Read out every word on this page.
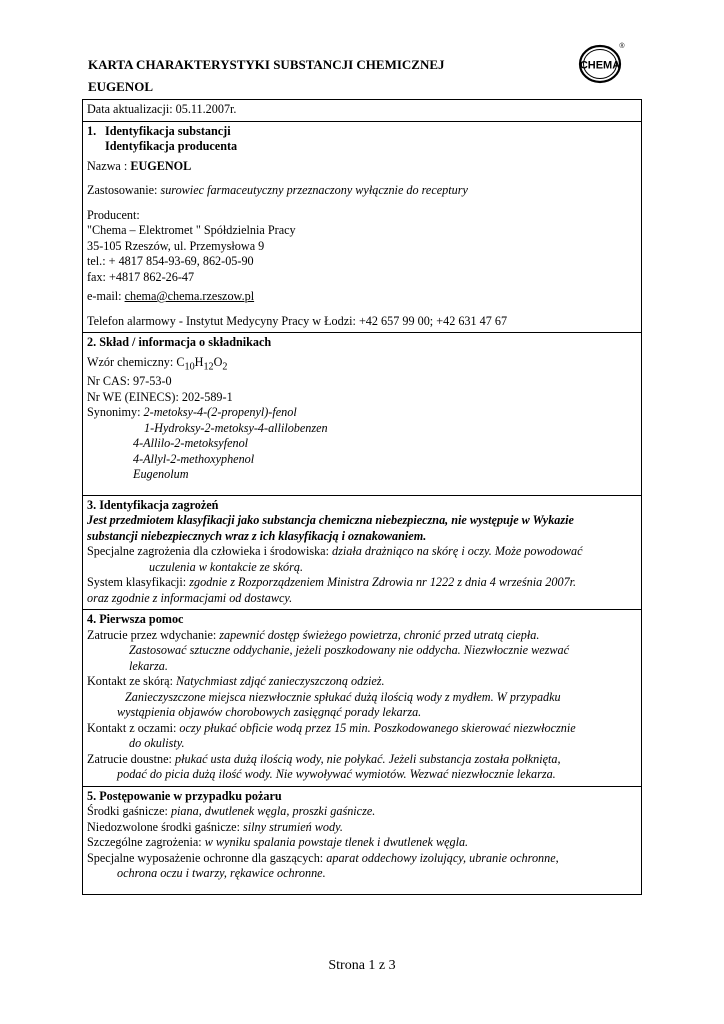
KARTA CHARAKTERYSTYKI SUBSTANCJI CHEMICZNEJ
EUGENOL
CHEMA
®
Data aktualizacji: 05.11.2007r.

1. Identyfikacja substancji
Identyfikacja producenta
Nazwa : EUGENOL
Zastosowanie: surowiec farmaceutyczny przeznaczony wyłącznie do receptury
Producent:
"Chema – Elektromet " Spółdzielnia Pracy
35-105 Rzeszów, ul. Przemysłowa 9
tel.: + 4817 854-93-69, 862-05-90
fax: +4817 862-26-47
e-mail: chema@chema.rzeszow.pl
Telefon alarmowy - Instytut Medycyny Pracy w Łodzi: +42 657 99 00; +42 631 47 67

2. Skład / informacja o składnikach
Wzór chemiczny: $C_{10}H_{12}O_2$
Nr CAS: 97-53-0
Nr WE (EINECS): 202-589-1
Synonimy: 2-metoksy-4-(2-propenyl)-fenol
1-Hydroksy-2-metoksy-4-allilobenzen
4-Allilo-2-metoksyfenol
4-Allyl-2-methoxyphenol
Eugenolum

3. Identyfikacja zagrożeń
Jest przedmiotem klasyfikacji jako substancja chemiczna niebezpieczna, nie występuje w Wykazie
substancji niebezpiecznych wraz z ich klasyfikacją i oznakowaniem.
Specjalne zagrożenia dla człowieka i środowiska: działa drażniąco na skórę i oczy. Może powodować
uczulenia w kontakcie ze skórą.
System klasyfikacji: zgodnie z Rozporządzeniem Ministra Zdrowia nr 1222 z dnia 4 września 2007r.
oraz zgodnie z informacjami od dostawcy.

4. Pierwsza pomoc
Zatrucie przez wdychanie: zapewnić dostęp świeżego powietrza, chronić przed utratą ciepła.
Zastosować sztuczne oddychanie, jeżeli poszkodowany nie oddycha. Niezwłocznie wezwać
lekarza.
Kontakt ze skórą: Natychmiast zdjąć zanieczyszczoną odzież.
Zanieczyszczone miejsca niezwłocznie spłukać dużą ilością wody z mydłem. W przypadku
wystąpienia objawów chorobowych zasięgnąć porady lekarza.
Kontakt z oczami: oczy płukać obficie wodą przez 15 min. Poszkodowanego skierować niezwłocznie
do okulisty.
Zatrucie doustne: płukać usta dużą ilością wody, nie połykać. Jeżeli substancja została połknięta,
podać do picia dużą ilość wody. Nie wywoływać wymiotów. Wezwać niezwłocznie lekarza.

5. Postępowanie w przypadku pożaru
Środki gaśnicze: piana, dwutlenek węgla, proszki gaśnicze.
Niedozwolone środki gaśnicze: silny strumień wody.
Szczególne zagrożenia: w wyniku spalania powstaje tlenek i dwutlenek węgla.
Specjalne wyposażenie ochronne dla gaszących: aparat oddechowy izolujący, ubranie ochronne,
ochrona oczu i twarzy, rękawice ochronne.
Strona 1 z 3
